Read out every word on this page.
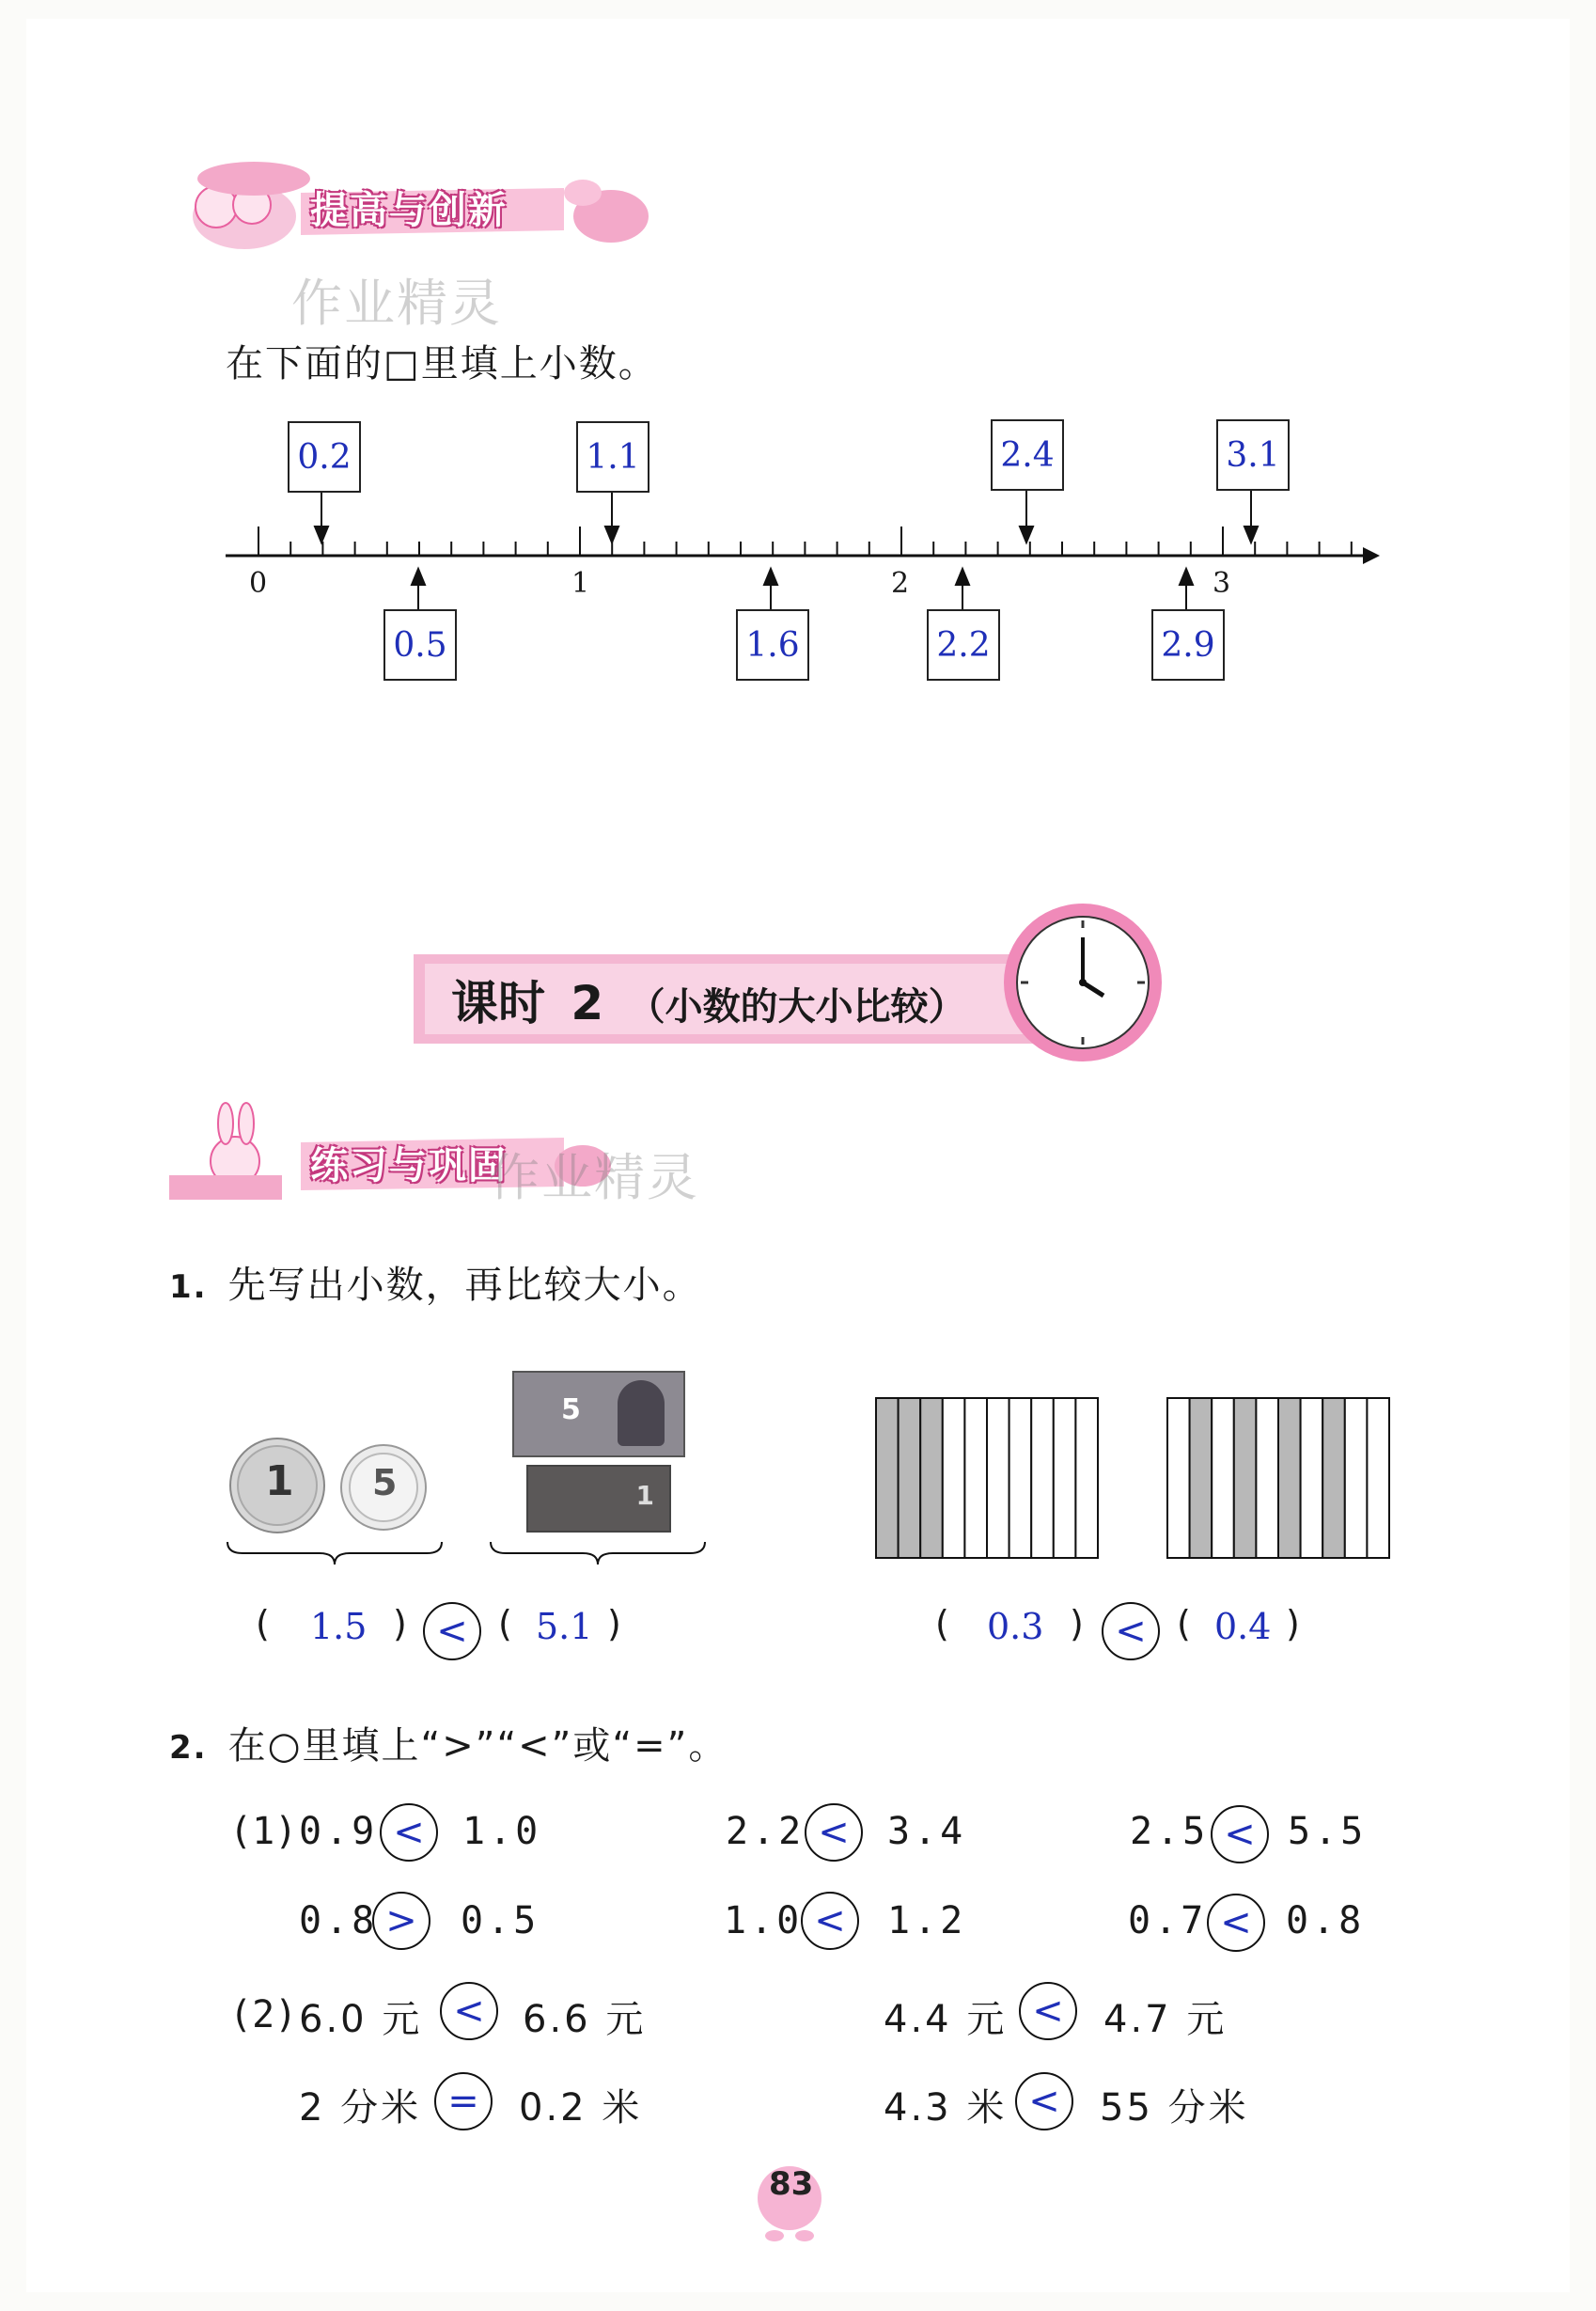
提高与创新
作业精灵
在下面的□里填上小数。
0	1	2	3
0.2	1.1	2.4	3.1
0.5	1.6	2.2	2.9
课时 2 （小数的大小比较）
练习与巩固
作业精灵
1. 先写出小数，再比较大小。
1 5
5
1
( 1.5 ) < ( 5.1 )	( 0.3 ) < ( 0.4 )
2. 在○里填上“>”“<”或“=”。
(1)
(2)
0.9 <	1.0	2.2 <	3.4	2.5 < 5.5
0.8 >	0.5	1.0 <	1.2	0.7 < 0.8
6.0 元 <	6.6 元	4.4 元 <	4.7 元
2 分米 =	0.2 米	4.3 米 <	55 分米
83
